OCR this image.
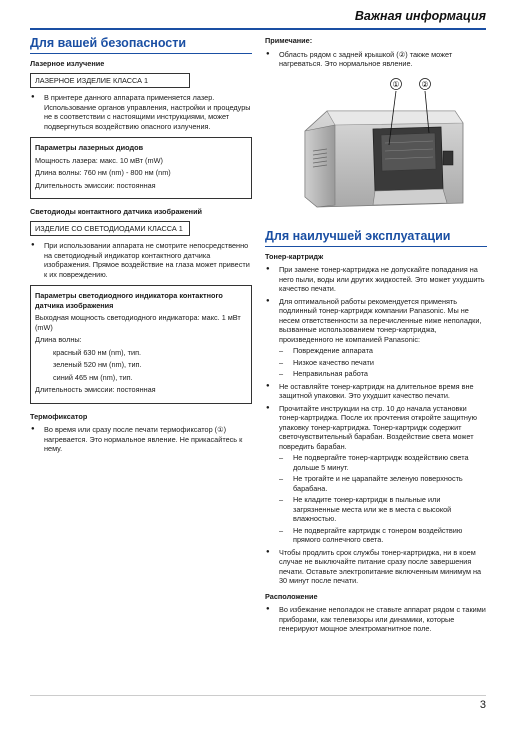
Важная информация
Для вашей безопасности
Лазерное излучение
ЛАЗЕРНОЕ ИЗДЕЛИЕ КЛАССА 1
● В принтере данного аппарата применяется лазер. Использование органов управления, настройки и процедуры не в соответствии с настоящими инструкциями, может подвергнуться воздействию опасного излучения.
Параметры лазерных диодов
Мощность лазера: макс. 10 мВт (mW)
Длина волны: 760 нм (nm) - 800 нм (nm)
Длительность эмиссии: постоянная
Светодиоды контактного датчика изображений
ИЗДЕЛИЕ СО СВЕТОДИОДАМИ КЛАССА 1
● При использовании аппарата не смотрите непосредственно на светодиодный индикатор контактного датчика изображения. Прямое воздействие на глаза может привести к их повреждению.
Параметры светодиодного индикатора контактного датчика изображения
Выходная мощность светодиодного индикатора: макс. 1 мВт (mW)
Длина волны:
красный 630 нм (nm), тип.
зеленый 520 нм (nm), тип.
синий 465 нм (nm), тип.
Длительность эмиссии: постоянная
Термофиксатор
● Во время или сразу после печати термофиксатор (①) нагревается. Это нормальное явление. Не прикасайтесь к нему.
Примечание:
● Область рядом с задней крышкой (②) также может нагреваться. Это нормальное явление.
①	②
Для наилучшей эксплуатации
Тонер-картридж
● При замене тонер-картриджа не допускайте попадания на него пыли, воды или других жидкостей. Это может ухудшить качество печати.
● Для оптимальной работы рекомендуется применять подлинный тонер-картридж компании Panasonic. Мы не несем ответственности за перечисленные ниже неполадки, вызванные использованием тонер-картриджа, произведенного не компанией Panasonic:
– Повреждение аппарата
– Низкое качество печати
– Неправильная работа
● Не оставляйте тонер-картридж на длительное время вне защитной упаковки. Это ухудшит качество печати.
● Прочитайте инструкции на стр. 10 до начала установки тонер-картриджа. После их прочтения откройте защитную упаковку тонер-картриджа. Тонер-картридж содержит светочувствительный барабан. Воздействие света может повредить барабан.
– Не подвергайте тонер-картридж воздействию света дольше 5 минут.
– Не трогайте и не царапайте зеленую поверхность барабана.
– Не кладите тонер-картридж в пыльные или загрязненные места или же в места с высокой влажностью.
– Не подвергайте картридж с тонером воздействию прямого солнечного света.
● Чтобы продлить срок службы тонер-картриджа, ни в коем случае не выключайте питание сразу после завершения печати. Оставьте электропитание включенным минимум на 30 минут после печати.
Расположение
● Во избежание неполадок не ставьте аппарат рядом с такими приборами, как телевизоры или динамики, которые генерируют мощное электромагнитное поле.
3
